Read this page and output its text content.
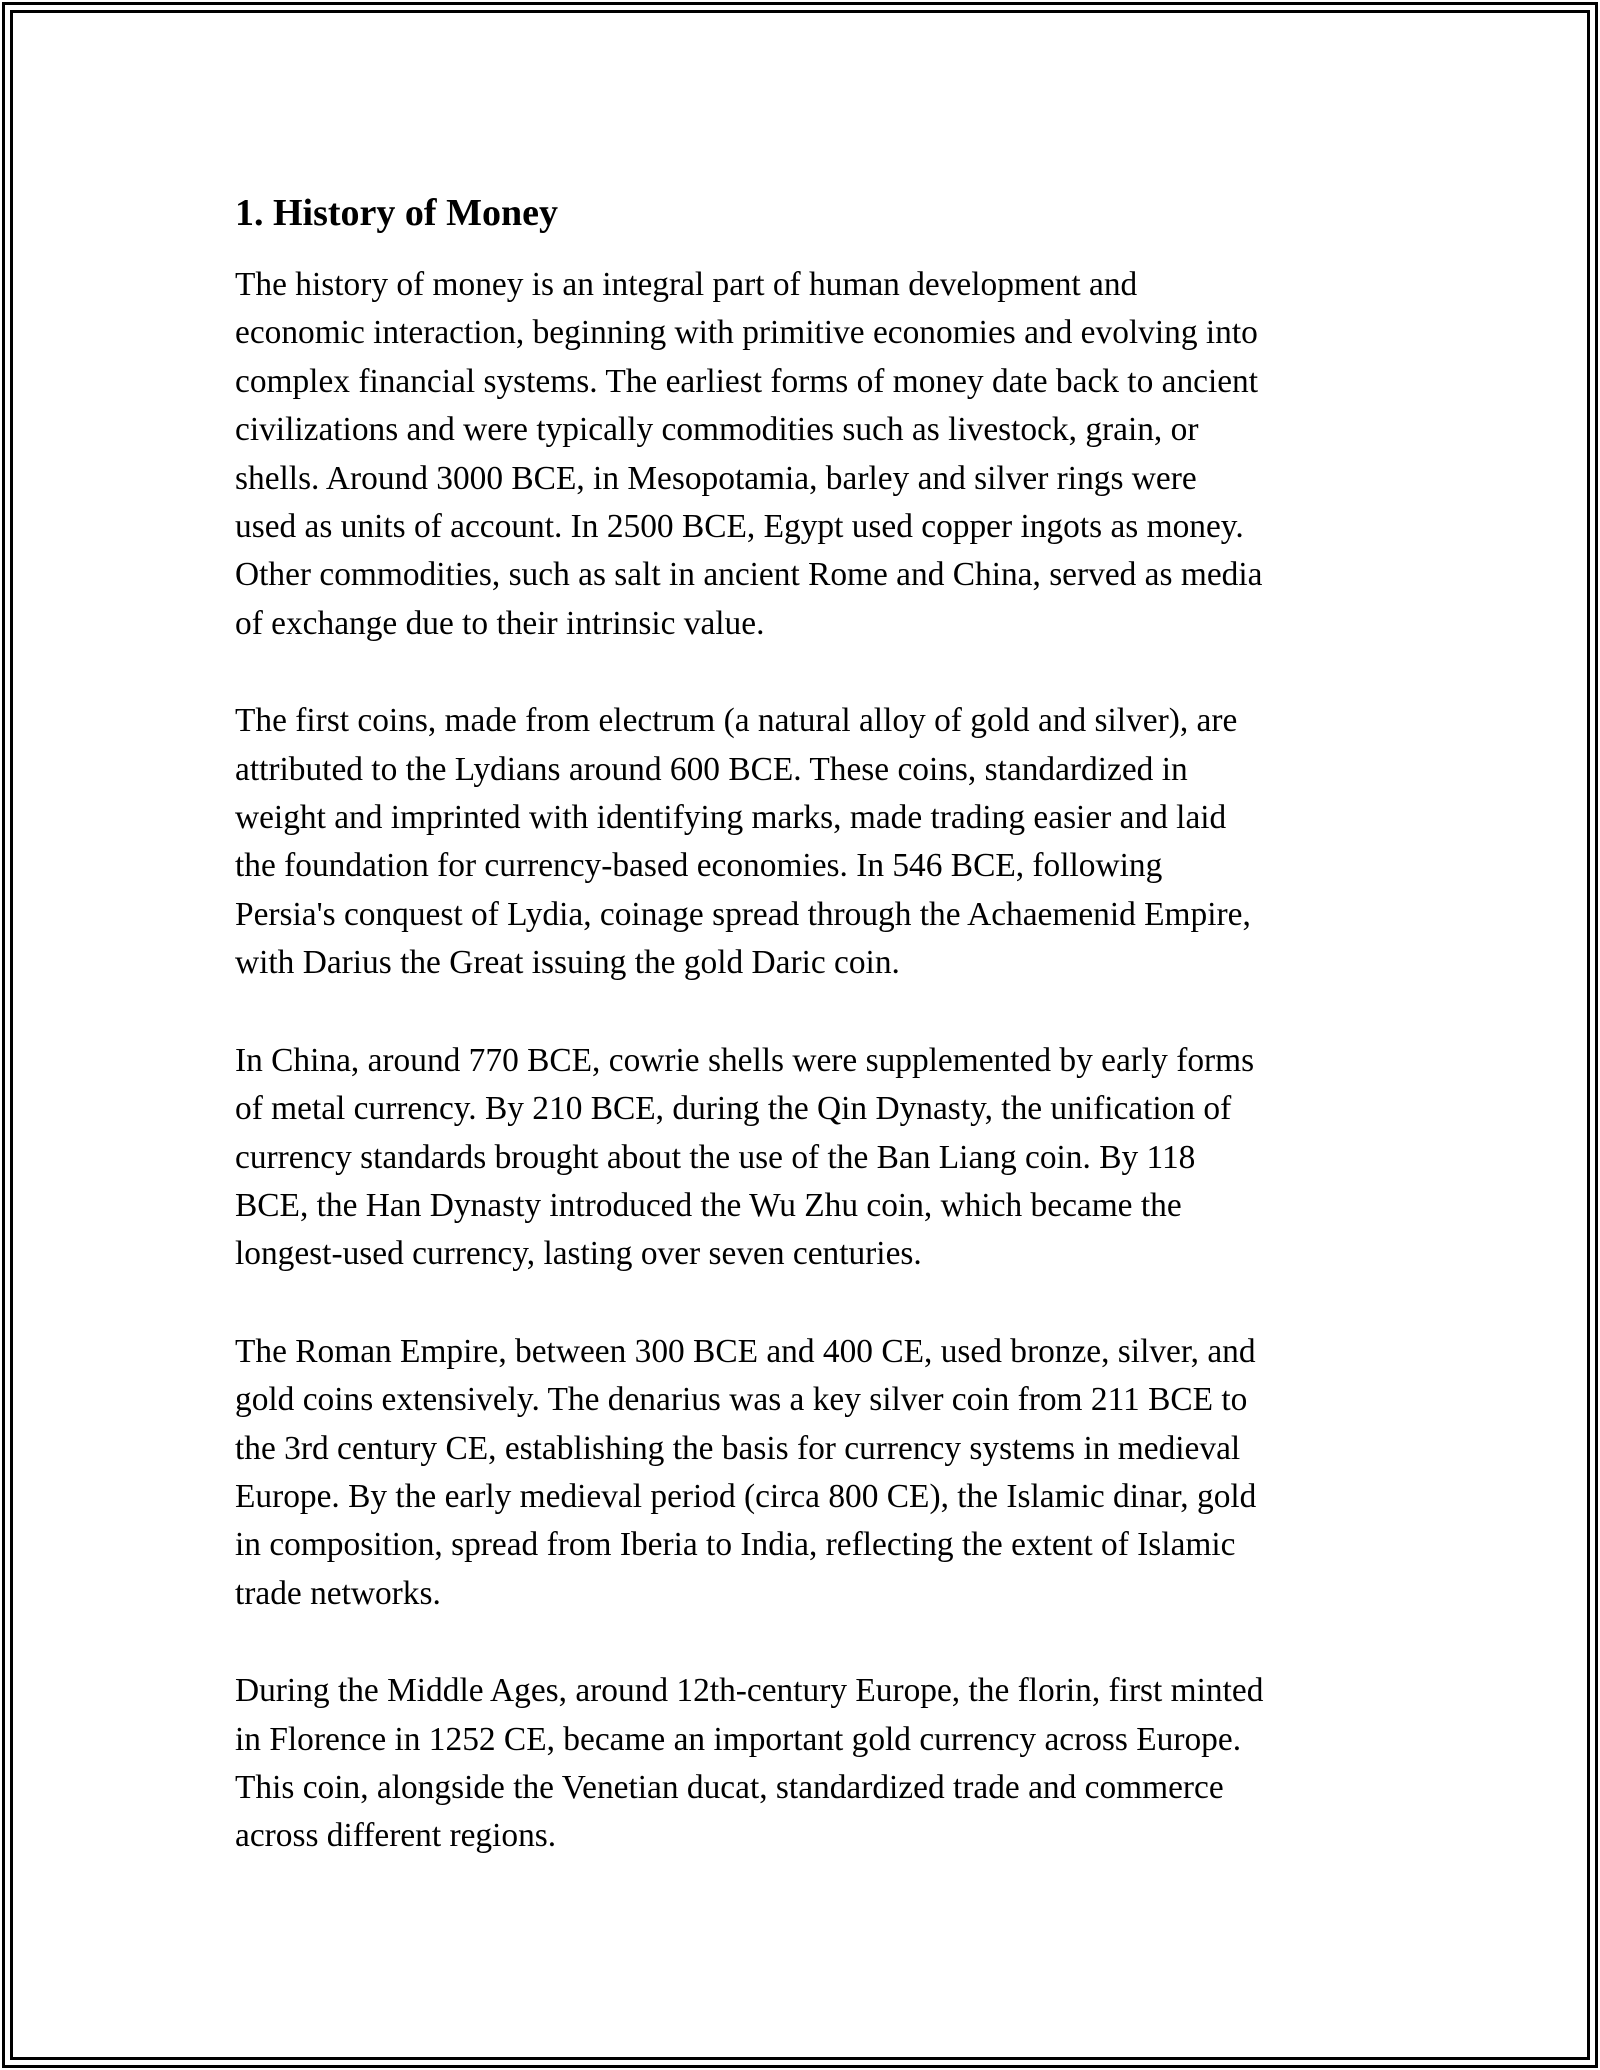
1. History of Money

The history of money is an integral part of human development and
economic interaction, beginning with primitive economies and evolving into
complex financial systems. The earliest forms of money date back to ancient
civilizations and were typically commodities such as livestock, grain, or
shells. Around 3000 BCE, in Mesopotamia, barley and silver rings were
used as units of account. In 2500 BCE, Egypt used copper ingots as money.
Other commodities, such as salt in ancient Rome and China, served as media
of exchange due to their intrinsic value.

The first coins, made from electrum (a natural alloy of gold and silver), are
attributed to the Lydians around 600 BCE. These coins, standardized in
weight and imprinted with identifying marks, made trading easier and laid
the foundation for currency-based economies. In 546 BCE, following
Persia's conquest of Lydia, coinage spread through the Achaemenid Empire,
with Darius the Great issuing the gold Daric coin.

In China, around 770 BCE, cowrie shells were supplemented by early forms
of metal currency. By 210 BCE, during the Qin Dynasty, the unification of
currency standards brought about the use of the Ban Liang coin. By 118
BCE, the Han Dynasty introduced the Wu Zhu coin, which became the
longest-used currency, lasting over seven centuries.

The Roman Empire, between 300 BCE and 400 CE, used bronze, silver, and
gold coins extensively. The denarius was a key silver coin from 211 BCE to
the 3rd century CE, establishing the basis for currency systems in medieval
Europe. By the early medieval period (circa 800 CE), the Islamic dinar, gold
in composition, spread from Iberia to India, reflecting the extent of Islamic
trade networks.

During the Middle Ages, around 12th-century Europe, the florin, first minted
in Florence in 1252 CE, became an important gold currency across Europe.
This coin, alongside the Venetian ducat, standardized trade and commerce
across different regions.
